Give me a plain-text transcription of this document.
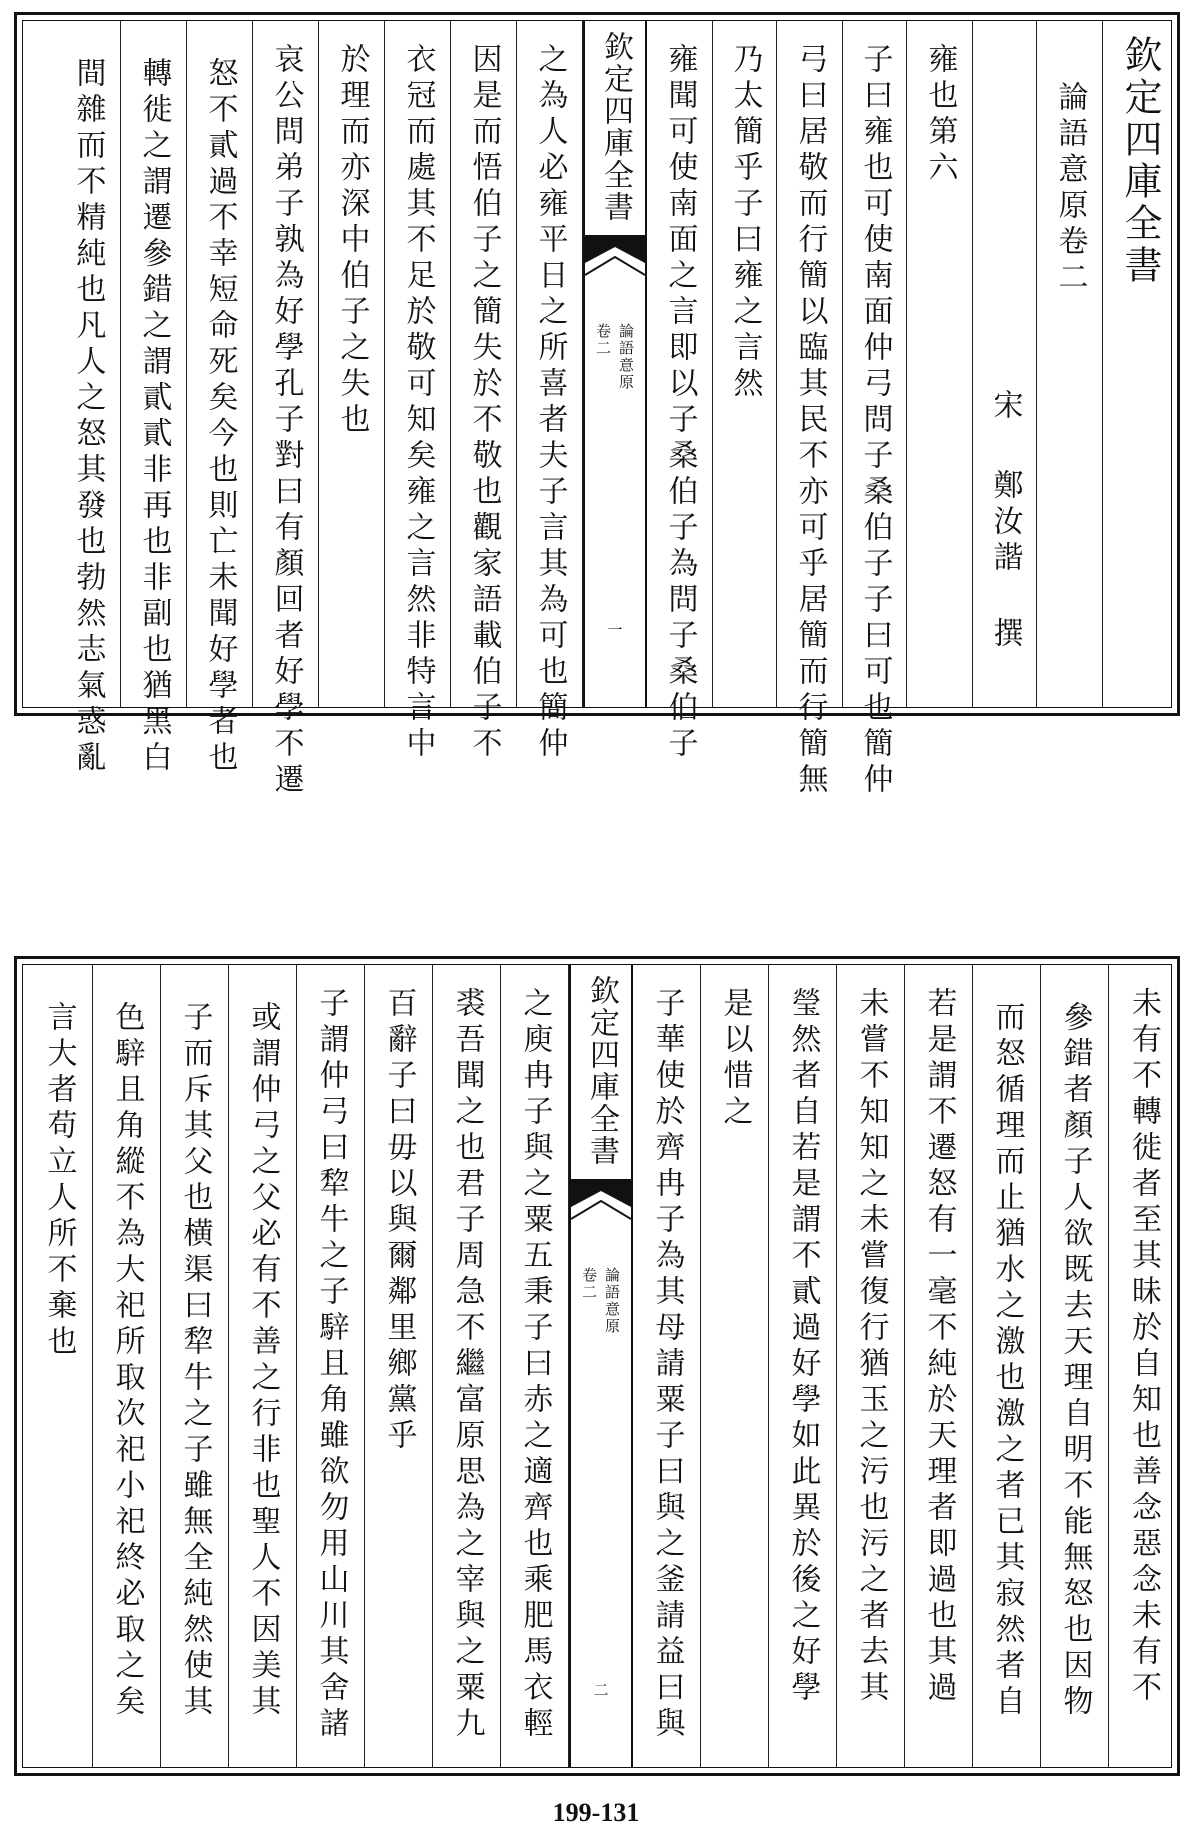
欽定四庫全書
論語意原卷二
宋
鄭汝諧
撰
雍也第六
子曰雍也可使南面仲弓問子桑伯子子曰可也簡仲
弓曰居敬而行簡以臨其民不亦可乎居簡而行簡無
乃太簡乎子曰雍之言然
雍聞可使南面之言即以子桑伯子為問子桑伯子
欽定四庫全書
論語意原
卷二
一
之為人必雍平日之所喜者夫子言其為可也簡仲
因是而悟伯子之簡失於不敬也觀家語載伯子不
衣冠而處其不足於敬可知矣雍之言然非特言中
於理而亦深中伯子之失也
哀公問弟子孰為好學孔子對曰有顏回者好學不遷
怒不貳過不幸短命死矣今也則亡未聞好學者也
轉徙之謂遷參錯之謂貳貳非再也非副也猶黑白
間雜而不精純也凡人之怒其發也勃然志氣惑亂
未有不轉徙者至其昧於自知也善念惡念未有不
參錯者顏子人欲既去天理自明不能無怒也因物
而怒循理而止猶水之激也激之者已其寂然者自
若是謂不遷怒有一毫不純於天理者即過也其過
未嘗不知知之未嘗復行猶玉之污也污之者去其
瑩然者自若是謂不貳過好學如此異於後之好學
是以惜之
子華使於齊冉子為其母請粟子曰與之釜請益曰與
欽定四庫全書
論語意原
卷二
二
之庾冉子與之粟五秉子曰赤之適齊也乘肥馬衣輕
裘吾聞之也君子周急不繼富原思為之宰與之粟九
百辭子曰毋以與爾鄰里鄉黨乎
子謂仲弓曰犂牛之子騂且角雖欲勿用山川其舍諸
或謂仲弓之父必有不善之行非也聖人不因美其
子而斥其父也横渠曰犂牛之子雖無全純然使其
色騂且角縱不為大祀所取次祀小祀終必取之矣
言大者苟立人所不棄也
199-131
